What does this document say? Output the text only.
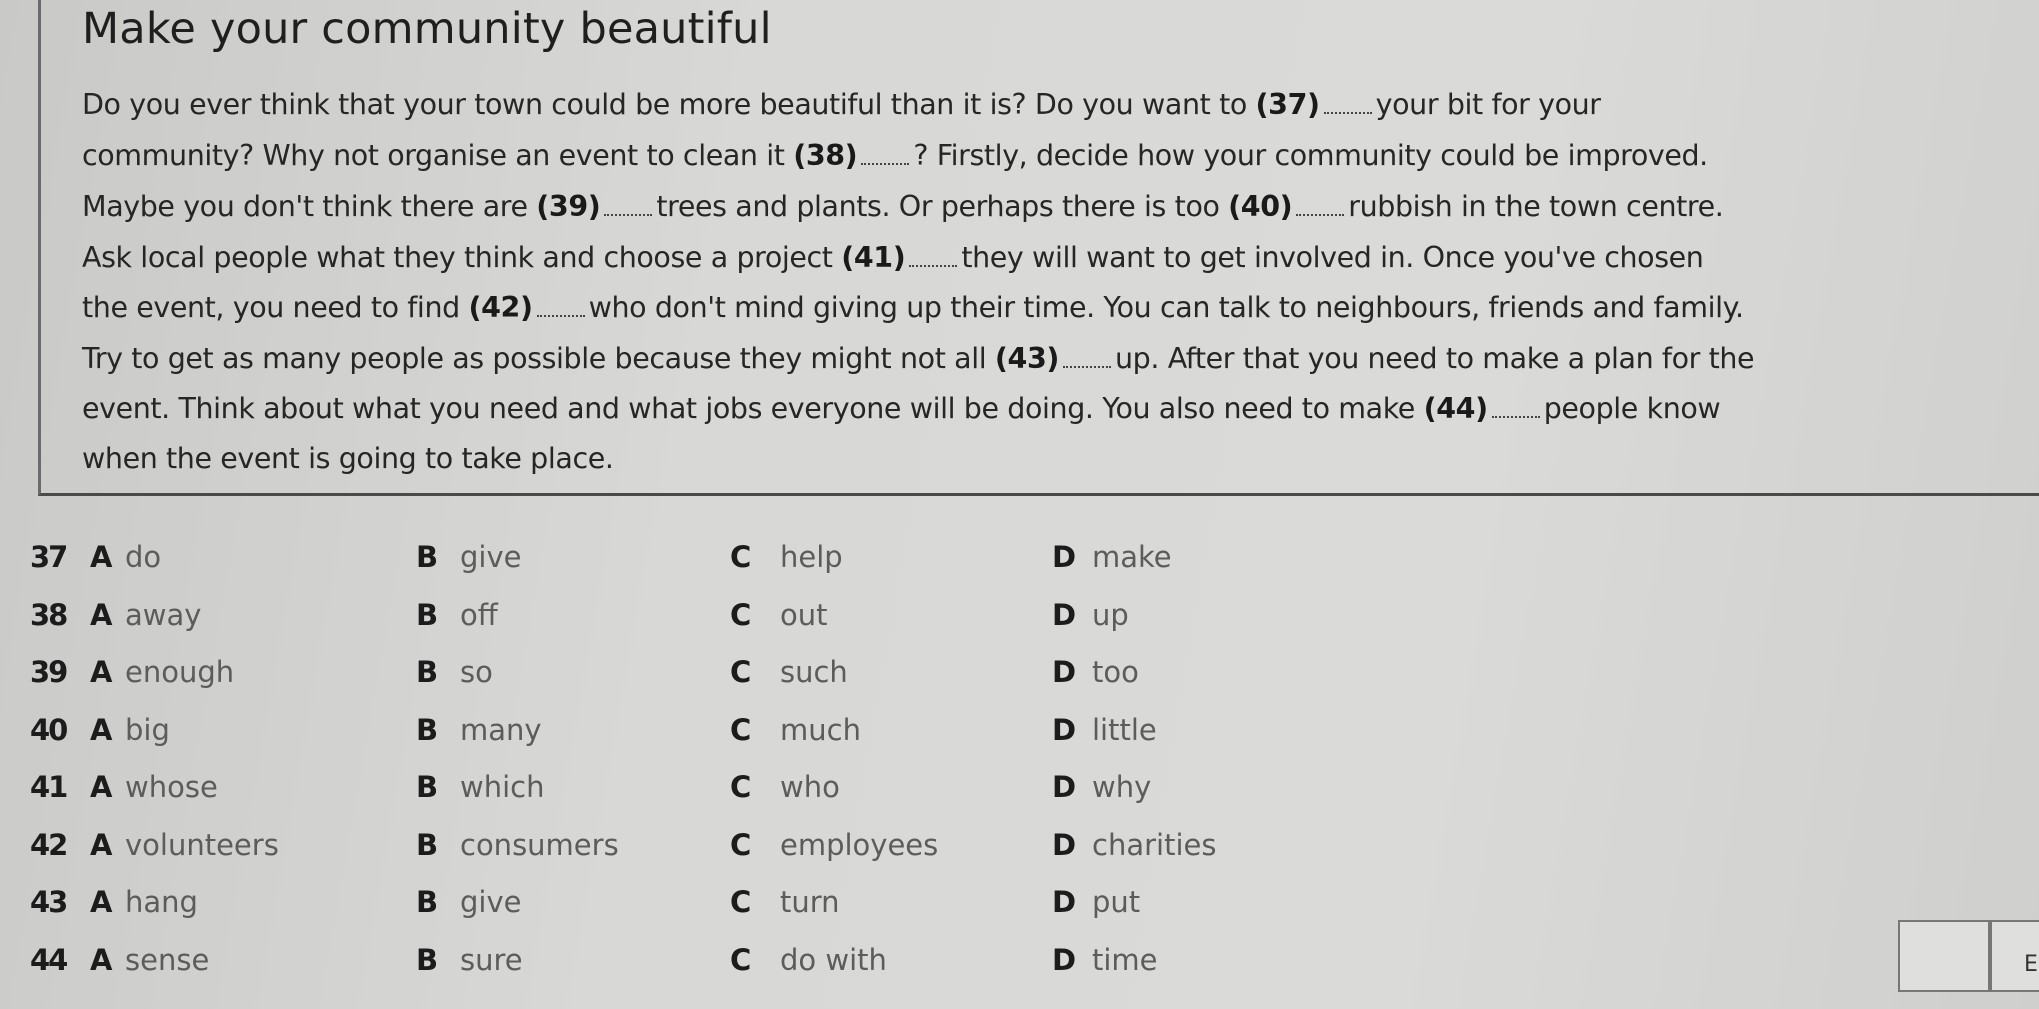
Make your community beautiful
Do you ever think that your town could be more beautiful than it is? Do you want to (37) your bit for your
community? Why not organise an event to clean it (38) ? Firstly, decide how your community could be improved.
Maybe you don't think there are (39) trees and plants. Or perhaps there is too (40) rubbish in the town centre.
Ask local people what they think and choose a project (41) they will want to get involved in. Once you've chosen
the event, you need to find (42) who don't mind giving up their time. You can talk to neighbours, friends and family.
Try to get as many people as possible because they might not all (43) up. After that you need to make a plan for the
event. Think about what you need and what jobs everyone will be doing. You also need to make (44) people know
when the event is going to take place.
37 A do	B give	C help	D make
38 A away	B off	C out	D up
39 A enough	B so	C such	D too
40 A big	B many	C much	D little
41 A whose	B which	C who	D why
42 A volunteers	B consumers	C employees	D charities
43 A hang	B give	C turn	D put
44 A sense	B sure	C do with	D time	E
